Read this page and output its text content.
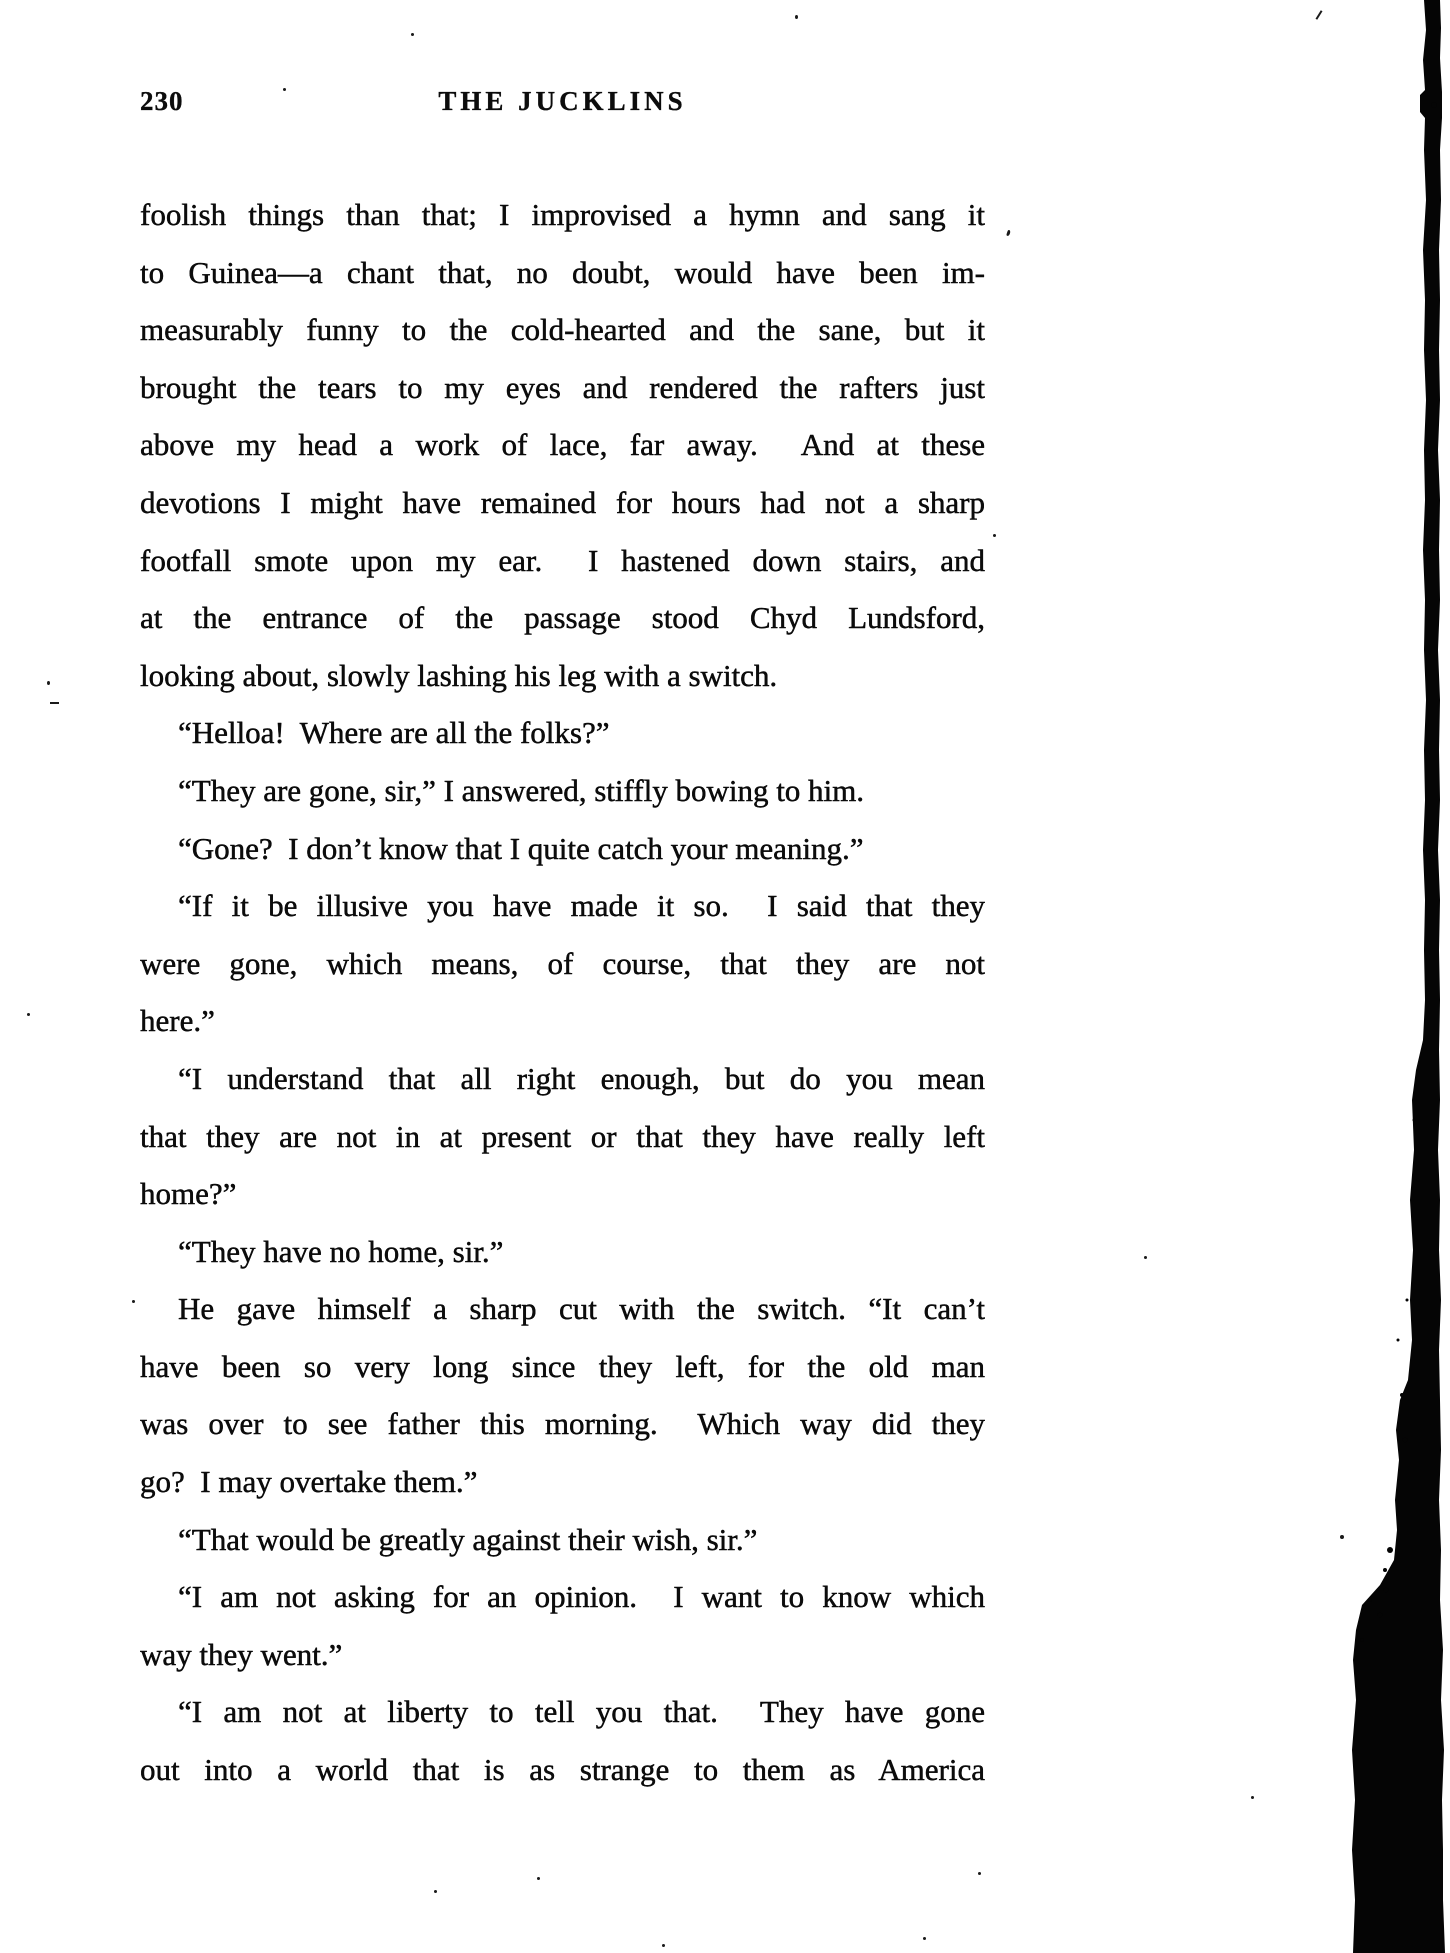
230	THE JUCKLINS
foolish things than that; I improvised a hymn and sang it
to Guinea—a chant that, no doubt, would have been im-
measurably funny to the cold-hearted and the sane, but it
brought the tears to my eyes and rendered the rafters just
above my head a work of lace, far away.  And at these
devotions I might have remained for hours had not a sharp
footfall smote upon my ear.  I hastened down stairs, and
at the entrance of the passage stood Chyd Lundsford,
looking about, slowly lashing his leg with a switch.
“Helloa!  Where are all the folks?”
“They are gone, sir,” I answered, stiffly bowing to him.
“Gone?  I don’t know that I quite catch your meaning.”
“If it be illusive you have made it so.  I said that they
were gone, which means, of course, that they are not
here.”
“I understand that all right enough, but do you mean
that they are not in at present or that they have really left
home?”
“They have no home, sir.”
He gave himself a sharp cut with the switch. “It can’t
have been so very long since they left, for the old man
was over to see father this morning.  Which way did they
go?  I may overtake them.”
“That would be greatly against their wish, sir.”
“I am not asking for an opinion.  I want to know which
way they went.”
“I am not at liberty to tell you that.  They have gone
out into a world that is as strange to them as America
